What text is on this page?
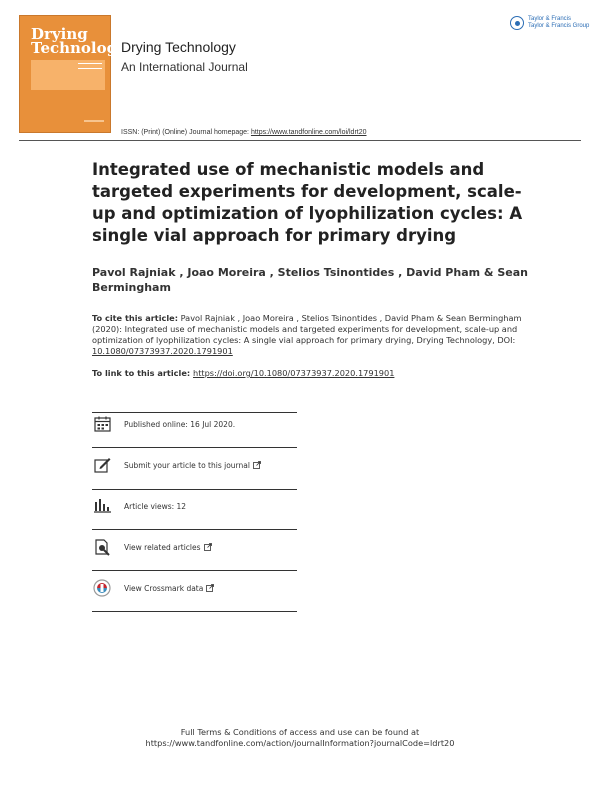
Drying
Technology
Drying Technology
An International Journal
Taylor & Francis
Taylor & Francis Group
ISSN: (Print) (Online) Journal homepage: https://www.tandfonline.com/loi/ldrt20
Integrated use of mechanistic models and targeted experiments for development, scale-up and optimization of lyophilization cycles: A single vial approach for primary drying
Pavol Rajniak , Joao Moreira , Stelios Tsinontides , David Pham & Sean Bermingham
To cite this article: Pavol Rajniak , Joao Moreira , Stelios Tsinontides , David Pham & Sean Bermingham (2020): Integrated use of mechanistic models and targeted experiments for development, scale-up and optimization of lyophilization cycles: A single vial approach for primary drying, Drying Technology, DOI: 10.1080/07373937.2020.1791901
To link to this article: https://doi.org/10.1080/07373937.2020.1791901
Published online: 16 Jul 2020.
Submit your article to this journal
Article views: 12
View related articles
View Crossmark data
Full Terms & Conditions of access and use can be found at
https://www.tandfonline.com/action/journalInformation?journalCode=ldrt20
